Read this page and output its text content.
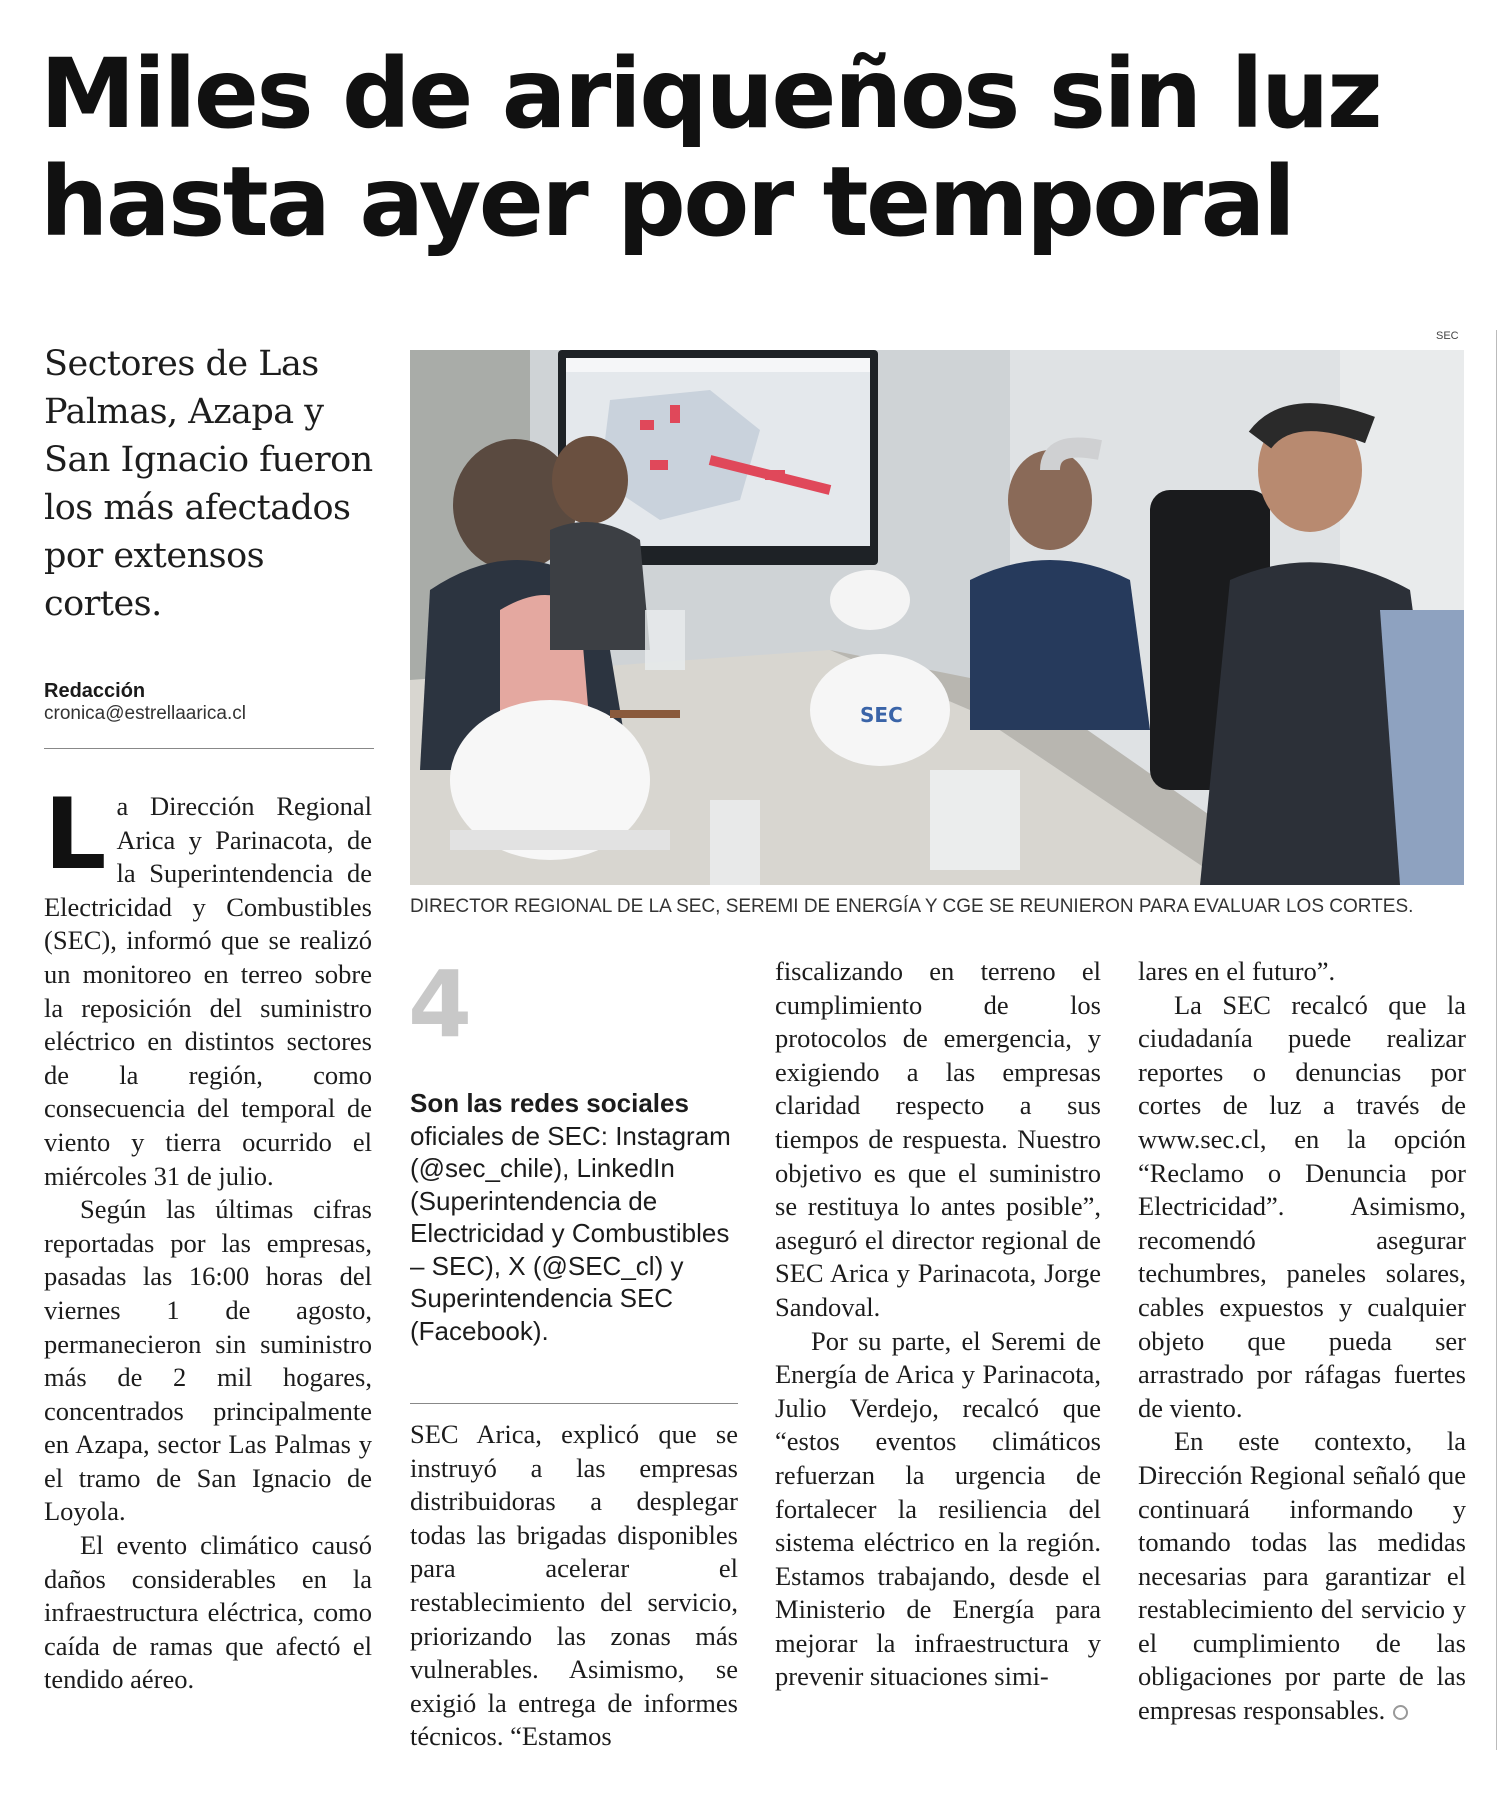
Miles de ariqueños sin luz
hasta ayer por temporal

Sectores de Las Palmas, Azapa y San Ignacio fueron los más afectados por extensos cortes.

Redacción
cronica@estrellaarica.cl
SEC
SEC
DIRECTOR REGIONAL DE LA SEC, SEREMI DE ENERGÍA Y CGE SE REUNIERON PARA EVALUAR LOS CORTES.

La Dirección Regional Arica y Parinacota, de la Superintendencia de Electricidad y Combustibles (SEC), informó que se realizó un monitoreo en terreo sobre la reposición del suministro eléctrico en distintos sectores de la región, como consecuencia del temporal de viento y tierra ocurrido el miércoles 31 de julio.

Según las últimas cifras reportadas por las empresas, pasadas las 16:00 horas del viernes 1 de agosto, permanecieron sin suministro más de 2 mil hogares, concentrados principalmente en Azapa, sector Las Palmas y el tramo de San Ignacio de Loyola.

El evento climático causó daños considerables en la infraestructura eléctrica, como caída de ramas que afectó el tendido aéreo.

4
Son las redes sociales
oficiales de SEC: Instagram (@sec_chile), LinkedIn (Superintendencia de Electricidad y Combustibles – SEC), X (@SEC_cl) y Superintendencia SEC (Facebook).

SEC Arica, explicó que se instruyó a las empresas distribuidoras a desplegar todas las brigadas disponibles para acelerar el restablecimiento del servicio, priorizando las zonas más vulnerables. Asimismo, se exigió la entrega de informes técnicos. “Estamos

fiscalizando en terreno el cumplimiento de los protocolos de emergencia, y exigiendo a las empresas claridad respecto a sus tiempos de respuesta. Nuestro objetivo es que el suministro se restituya lo antes posible”, aseguró el director regional de SEC Arica y Parinacota, Jorge Sandoval.

Por su parte, el Seremi de Energía de Arica y Parinacota, Julio Verdejo, recalcó que “estos eventos climáticos refuerzan la urgencia de fortalecer la resiliencia del sistema eléctrico en la región. Estamos trabajando, desde el Ministerio de Energía para mejorar la infraestructura y prevenir situaciones simi-

lares en el futuro”.

La SEC recalcó que la ciudadanía puede realizar reportes o denuncias por cortes de luz a través de www.sec.cl, en la opción “Reclamo o Denuncia por Electricidad”. Asimismo, recomendó asegurar techumbres, paneles solares, cables expuestos y cualquier objeto que pueda ser arrastrado por ráfagas fuertes de viento.

En este contexto, la Dirección Regional señaló que continuará informando y tomando todas las medidas necesarias para garantizar el restablecimiento del servicio y el cumplimiento de las obligaciones por parte de las empresas responsables.
